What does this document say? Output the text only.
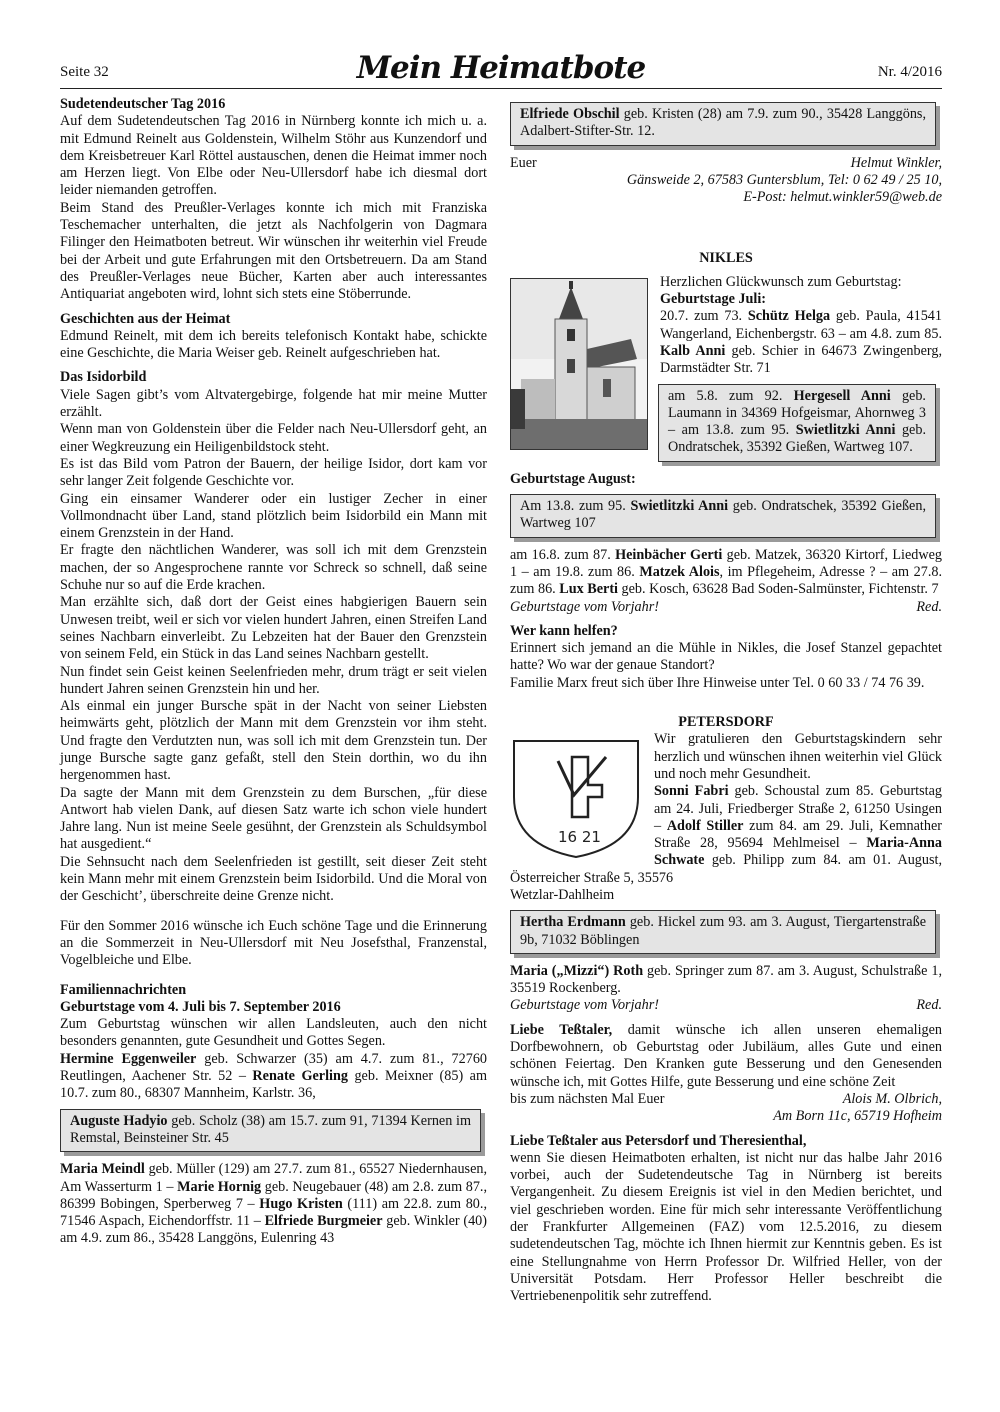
Seite 32	Mein Heimatbote	Nr. 4/2016

Sudetendeutscher Tag 2016

Auf dem Sudetendeutschen Tag 2016 in Nürnberg konnte ich mich u. a. mit Edmund Reinelt aus Goldenstein, Wilhelm Stöhr aus Kunzendorf und dem Kreisbetreuer Karl Röttel austauschen, denen die Heimat immer noch am Herzen liegt. Von Elbe oder Neu-Ullersdorf habe ich diesmal dort leider niemanden getroffen.

Beim Stand des Preußler-Verlages konnte ich mich mit Franziska Teschemacher unterhalten, die jetzt als Nachfolgerin von Dagmara Filinger den Heimatboten betreut. Wir wünschen ihr weiterhin viel Freude bei der Arbeit und gute Erfahrungen mit den Ortsbetreuern. Da am Stand des Preußler-Verlages neue Bücher, Karten aber auch interessantes Antiquariat angeboten wird, lohnt sich stets eine Stöberrunde.

Geschichten aus der Heimat

Edmund Reinelt, mit dem ich bereits telefonisch Kontakt habe, schickte eine Geschichte, die Maria Weiser geb. Reinelt aufgeschrieben hat.

Das Isidorbild

Viele Sagen gibt’s vom Altvatergebirge, folgende hat mir meine Mutter erzählt.

Wenn man von Goldenstein über die Felder nach Neu-Ullersdorf geht, an einer Wegkreuzung ein Heiligenbildstock steht.

Es ist das Bild vom Patron der Bauern, der heilige Isidor, dort kam vor sehr langer Zeit folgende Geschichte vor.

Ging ein einsamer Wanderer oder ein lustiger Zecher in einer Vollmondnacht über Land, stand plötzlich beim Isidorbild ein Mann mit einem Grenzstein in der Hand.

Er fragte den nächtlichen Wanderer, was soll ich mit dem Grenzstein machen, der so Angesprochene rannte vor Schreck so schnell, daß seine Schuhe nur so auf die Erde krachen.

Man erzählte sich, daß dort der Geist eines habgierigen Bauern sein Unwesen treibt, weil er sich vor vielen hundert Jahren, einen Streifen Land seines Nachbarn einverleibt. Zu Lebzeiten hat der Bauer den Grenzstein von seinem Feld, ein Stück in das Land seines Nachbarn gestellt.

Nun findet sein Geist keinen Seelenfrieden mehr, drum trägt er seit vielen hundert Jahren seinen Grenzstein hin und her.

Als einmal ein junger Bursche spät in der Nacht von seiner Liebsten heimwärts geht, plötzlich der Mann mit dem Grenzstein vor ihm steht. Und fragte den Verdutzten nun, was soll ich mit dem Grenzstein tun. Der junge Bursche sagte ganz gefaßt, stell den Stein dorthin, wo du ihn hergenommen hast.

Da sagte der Mann mit dem Grenzstein zu dem Burschen, „für diese Antwort hab vielen Dank, auf diesen Satz warte ich schon viele hundert Jahre lang. Nun ist meine Seele gesühnt, der Grenzstein als Schuldsymbol hat ausgedient.“

Die Sehnsucht nach dem Seelenfrieden ist gestillt, seit dieser Zeit steht kein Mann mehr mit einem Grenzstein beim Isidorbild. Und die Moral von der Geschicht’, überschreite deine Grenze nicht.

Für den Sommer 2016 wünsche ich Euch schöne Tage und die Erinnerung an die Sommerzeit in Neu-Ullersdorf mit Neu Josefsthal, Franzenstal, Vogelbleiche und Elbe.

Familiennachrichten

Geburtstage vom 4. Juli bis 7. September 2016

Zum Geburtstag wünschen wir allen Landsleuten, auch den nicht besonders genannten, gute Gesundheit und Gottes Segen.

Hermine Eggenweiler geb. Schwarzer (35) am 4.7. zum 81., 72760 Reutlingen, Aachener Str. 52 – Renate Gerling geb. Meixner (85) am 10.7. zum 80., 68307 Mannheim, Karlstr. 36,

Auguste Hadyio geb. Scholz (38) am 15.7. zum 91, 71394 Kernen im Remstal, Beinsteiner Str. 45

Maria Meindl geb. Müller (129) am 27.7. zum 81., 65527 Niedernhausen, Am Wasserturm 1 – Marie Hornig geb. Neugebauer (48) am 2.8. zum 87., 86399 Bobingen, Sperberweg 7 – Hugo Kristen (111) am 22.8. zum 80., 71546 Aspach, Eichendorffstr. 11 – Elfriede Burgmeier geb. Winkler (40) am 4.9. zum 86., 35428 Langgöns, Eulenring 43

Elfriede Obschil geb. Kristen (28) am 7.9. zum 90., 35428 Langgöns, Adalbert-Stifter-Str. 12.

Euer	Helmut Winkler,

Gänsweide 2, 67583 Guntersblum, Tel: 0 62 49 / 25 10,

E-Post: helmut.winkler59@web.de

NIKLES

Herzlichen Glückwunsch zum Geburtstag:

Geburtstage Juli:

20.7. zum 73. Schütz Helga geb. Paula, 41541 Wangerland, Eichenbergstr. 63 – am 4.8. zum 85. Kalb Anni geb. Schier in 64673 Zwingenberg, Darmstädter Str. 71

am 5.8. zum 92. Hergesell Anni geb. Laumann in 34369 Hofgeismar, Ahornweg 3 – am 13.8. zum 95. Swietlitzki Anni geb. Ondratschek, 35392 Gießen, Wartweg 107.

Geburtstage August:

Am 13.8. zum 95. Swietlitzki Anni geb. Ondratschek, 35392 Gießen, Wartweg 107

am 16.8. zum 87. Heinbächer Gerti geb. Matzek, 36320 Kirtorf, Liedweg 1 – am 19.8. zum 86. Matzek Alois, im Pflegeheim, Adresse ? – am 27.8. zum 86. Lux Berti geb. Kosch, 63628 Bad Soden-Salmünster, Fichtenstr. 7

Geburtstage vom Vorjahr!	Red.

Wer kann helfen?

Erinnert sich jemand an die Mühle in Nikles, die Josef Stanzel gepachtet hatte? Wo war der genaue Standort?

Familie Marx freut sich über Ihre Hinweise unter Tel. 0 60 33 / 74 76 39.

PETERSDORF

16 21

Wir gratulieren den Geburtstagskindern sehr herzlich und wünschen ihnen weiterhin viel Glück und noch mehr Gesundheit.

Sonni Fabri geb. Schoustal zum 85. Geburtstag am 24. Juli, Friedberger Straße 2, 61250 Usingen – Adolf Stiller zum 84. am 29. Juli, Kemnather Straße 28, 95694 Mehlmeisel – Maria-Anna Schwate geb. Philipp zum 84. am 01. August, Österreicher Straße 5, 35576

Wetzlar-Dahlheim

Hertha Erdmann geb. Hickel zum 93. am 3. August, Tiergartenstraße 9b, 71032 Böblingen

Maria („Mizzi“) Roth geb. Springer zum 87. am 3. August, Schulstraße 1, 35519 Rockenberg.

Geburtstage vom Vorjahr!	Red.

Liebe Teßtaler, damit wünsche ich allen unseren ehemaligen Dorfbewohnern, ob Geburtstag oder Jubiläum, alles Gute und einen schönen Feiertag. Den Kranken gute Besserung und den Genesenden wünsche ich, mit Gottes Hilfe, gute Besserung und eine schöne Zeit

bis zum nächsten Mal Euer	Alois M. Olbrich,

Am Born 11c, 65719 Hofheim

Liebe Teßtaler aus Petersdorf und Theresienthal,

wenn Sie diesen Heimatboten erhalten, ist nicht nur das halbe Jahr 2016 vorbei, auch der Sudetendeutsche Tag in Nürnberg ist bereits Vergangenheit. Zu diesem Ereignis ist viel in den Medien berichtet, und viel geschrieben worden. Eine für mich sehr interessante Veröffentlichung der Frankfurter Allgemeinen (FAZ) vom 12.5.2016, zu diesem sudetendeutschen Tag, möchte ich Ihnen hiermit zur Kenntnis geben. Es ist eine Stellungnahme von Herrn Professor Dr. Wilfried Heller, von der Universität Potsdam. Herr Professor Heller beschreibt die Vertriebenenpolitik sehr zutreffend.
